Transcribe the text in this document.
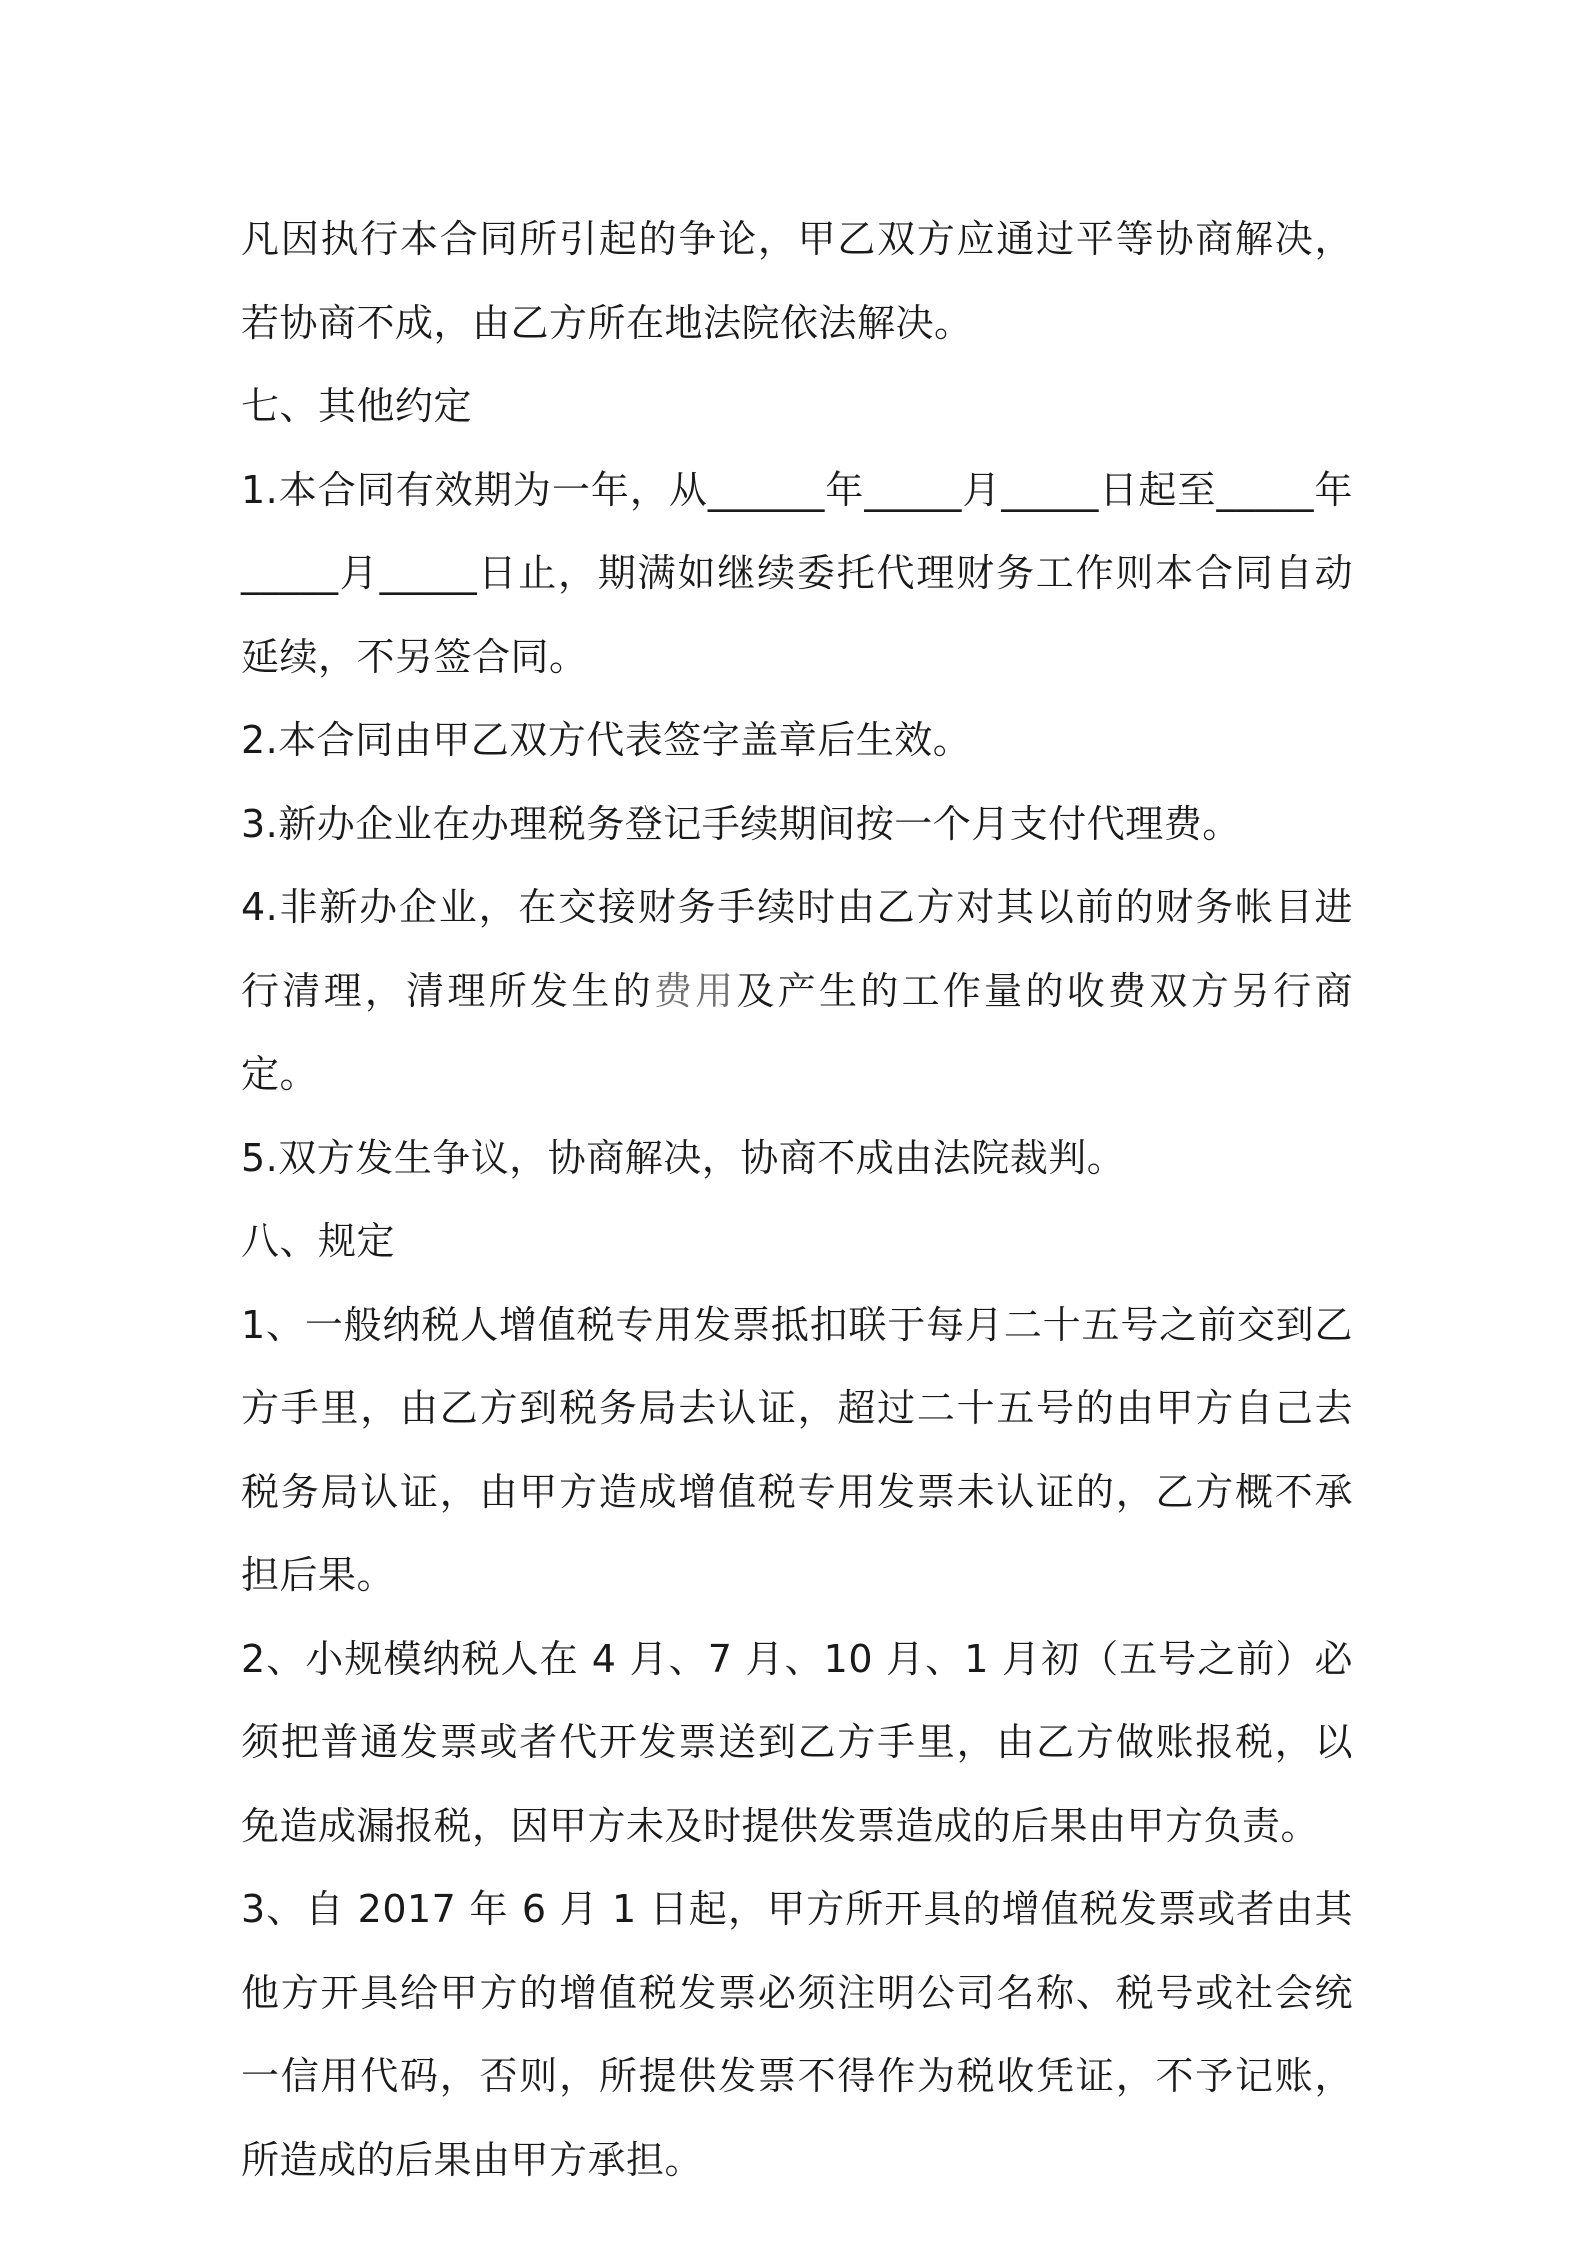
凡因执行本合同所引起的争论，甲乙双方应通过平等协商解决，若协商不成，由乙方所在地法院依法解决。

七、其他约定

1.本合同有效期为一年，从______年_____月_____日起至_____年_____月_____日止，期满如继续委托代理财务工作则本合同自动延续，不另签合同。

2.本合同由甲乙双方代表签字盖章后生效。

3.新办企业在办理税务登记手续期间按一个月支付代理费。

4.非新办企业，在交接财务手续时由乙方对其以前的财务帐目进行清理，清理所发生的费用及产生的工作量的收费双方另行商定。

5.双方发生争议，协商解决，协商不成由法院裁判。

八、规定

1、一般纳税人增值税专用发票抵扣联于每月二十五号之前交到乙方手里，由乙方到税务局去认证，超过二十五号的由甲方自己去税务局认证，由甲方造成增值税专用发票未认证的，乙方概不承担后果。

2、小规模纳税人在 4 月、7 月、10 月、1 月初（五号之前）必须把普通发票或者代开发票送到乙方手里，由乙方做账报税，以免造成漏报税，因甲方未及时提供发票造成的后果由甲方负责。

3、自 2017 年 6 月 1 日起，甲方所开具的增值税发票或者由其他方开具给甲方的增值税发票必须注明公司名称、税号或社会统一信用代码，否则，所提供发票不得作为税收凭证，不予记账，所造成的后果由甲方承担。
